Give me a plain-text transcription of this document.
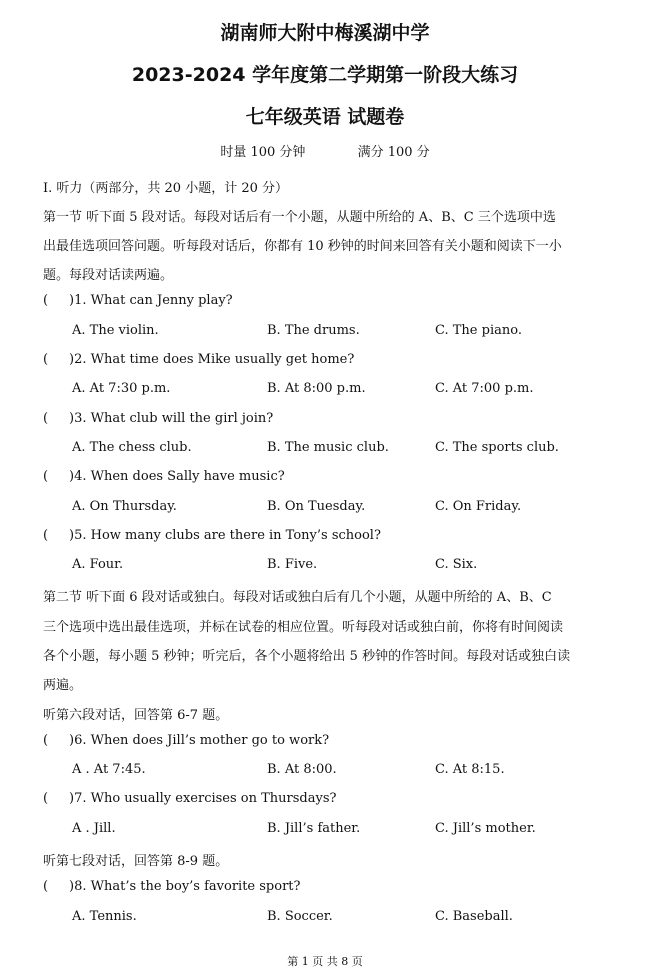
湖南师大附中梅溪湖中学
2023-2024 学年度第二学期第一阶段大练习
七年级英语 试题卷
时量 100 分钟	满分 100 分
Ⅰ. 听力（两部分，共 20 小题，计 20 分）
第一节 听下面 5 段对话。每段对话后有一个小题，从题中所给的 A、B、C 三个选项中选
出最佳选项回答问题。听每段对话后，你都有 10 秒钟的时间来回答有关小题和阅读下一小
题。每段对话读两遍。
( )1. What can Jenny play?
A. The violin.	B. The drums.	C. The piano.
( )2. What time does Mike usually get home?
A. At 7:30 p.m.	B. At 8:00 p.m.	C. At 7:00 p.m.
( )3. What club will the girl join?
A. The chess club.	B. The music club.	C. The sports club.
( )4. When does Sally have music?
A. On Thursday.	B. On Tuesday.	C. On Friday.
( )5. How many clubs are there in Tony’s school?
A. Four.	B. Five.	C. Six.
第二节 听下面 6 段对话或独白。每段对话或独白后有几个小题，从题中所给的 A、B、C
三个选项中选出最佳选项，并标在试卷的相应位置。听每段对话或独白前，你将有时间阅读
各个小题，每小题 5 秒钟；听完后，各个小题将给出 5 秒钟的作答时间。每段对话或独白读
两遍。
听第六段对话，回答第 6-7 题。
( )6. When does Jill’s mother go to work?
A . At 7:45.	B. At 8:00.	C. At 8:15.
( )7. Who usually exercises on Thursdays?
A . Jill.	B. Jill’s father.	C. Jill’s mother.
听第七段对话，回答第 8-9 题。
( )8. What’s the boy’s favorite sport?
A. Tennis.	B. Soccer.	C. Baseball.
第 1 页 共 8 页
